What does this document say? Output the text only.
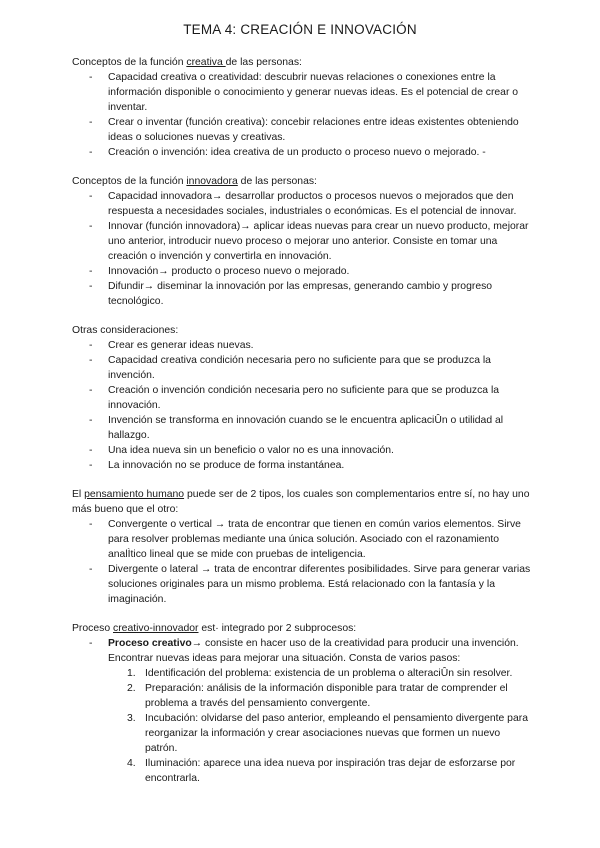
TEMA 4: CREACIÓN E INNOVACIÓN

Conceptos de la función creativa de las personas:

- Capacidad creativa o creatividad: descubrir nuevas relaciones o conexiones entre la información disponible o conocimiento y generar nuevas ideas. Es el potencial de crear o inventar.
- Crear o inventar (función creativa): concebir relaciones entre ideas existentes obteniendo ideas o soluciones nuevas y creativas.
- Creación o invención: idea creativa de un producto o proceso nuevo o mejorado. -

Conceptos de la función innovadora de las personas:

- Capacidad innovadora→ desarrollar productos o procesos nuevos o mejorados que den respuesta a necesidades sociales, industriales o económicas. Es el potencial de innovar.
- Innovar (función innovadora)→ aplicar ideas nuevas para crear un nuevo producto, mejorar uno anterior, introducir nuevo proceso o mejorar uno anterior. Consiste en tomar una creación o invención y convertirla en innovación.
- Innovación→ producto o proceso nuevo o mejorado.
- Difundir→ diseminar la innovación por las empresas, generando cambio y progreso tecnológico.

Otras consideraciones:

- Crear es generar ideas nuevas.
- Capacidad creativa condición necesaria pero no suficiente para que se produzca la invención.
- Creación o invención condición necesaria pero no suficiente para que se produzca la innovación.
- Invención se transforma en innovación cuando se le encuentra aplicaciÛn o utilidad al hallazgo.
- Una idea nueva sin un beneficio o valor no es una innovación.
- La innovación no se produce de forma instantánea.

El pensamiento humano puede ser de 2 tipos, los cuales son complementarios entre sí, no hay uno más bueno que el otro:

- Convergente o vertical → trata de encontrar que tienen en común varios elementos. Sirve para resolver problemas mediante una única solución. Asociado con el razonamiento analÌtico lineal que se mide con pruebas de inteligencia.
- Divergente o lateral → trata de encontrar diferentes posibilidades. Sirve para generar varias soluciones originales para un mismo problema. Está relacionado con la fantasía y la imaginación.

Proceso creativo-innovador est· integrado por 2 subprocesos:

- Proceso creativo→ consiste en hacer uso de la creatividad para producir una invención. Encontrar nuevas ideas para mejorar una situación. Consta de varios pasos:
1. Identificación del problema: existencia de un problema o alteraciÛn sin resolver.
2. Preparación: análisis de la información disponible para tratar de comprender el problema a través del pensamiento convergente.
3. Incubación: olvidarse del paso anterior, empleando el pensamiento divergente para reorganizar la información y crear asociaciones nuevas que formen un nuevo patrón.
4. Iluminación: aparece una idea nueva por inspiración tras dejar de esforzarse por encontrarla.
